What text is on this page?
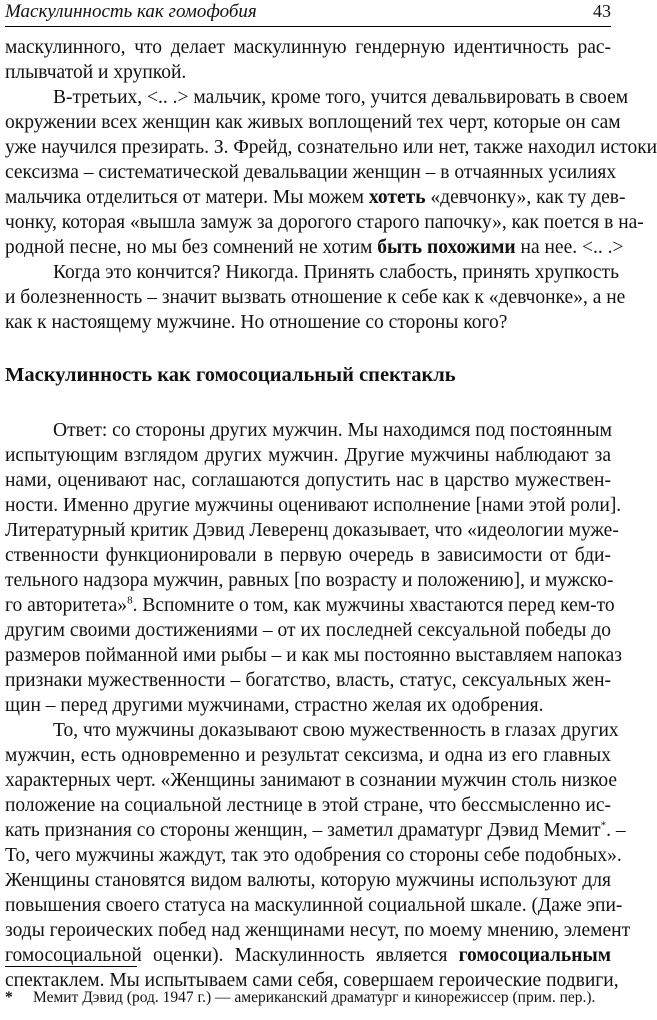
Маскулинность как гомофобия	43
маскулинного, что делает маскулинную гендерную идентичность рас-
плывчатой и хрупкой.
В-третьих, <.. .> мальчик, кроме того, учится девальвировать в своем
окружении всех женщин как живых воплощений тех черт, которые он сам
уже научился презирать. З. Фрейд, сознательно или нет, также находил истоки
сексизма – систематической девальвации женщин – в отчаянных усилиях
мальчика отделиться от матери. Мы можем хотеть «девчонку», как ту дев-
чонку, которая «вышла замуж за дорогого старого папочку», как поется в на-
родной песне, но мы без сомнений не хотим быть похожими на нее. <.. .>
Когда это кончится? Никогда. Принять слабость, принять хрупкость
и болезненность – значит вызвать отношение к себе как к «девчонке», а не
как к настоящему мужчине. Но отношение со стороны кого?
Маскулинность как гомосоциальный спектакль
Ответ: со стороны других мужчин. Мы находимся под постоянным
испытующим взглядом других мужчин. Другие мужчины наблюдают за
нами, оценивают нас, соглашаются допустить нас в царство мужествен-
ности. Именно другие мужчины оценивают исполнение [нами этой роли].
Литературный критик Дэвид Леверенц доказывает, что «идеологии муже-
ственности функционировали в первую очередь в зависимости от бди-
тельного надзора мужчин, равных [по возрасту и положению], и мужско-
го авторитета»$^8$. Вспомните о том, как мужчины хвастаются перед кем-то
другим своими достижениями – от их последней сексуальной победы до
размеров пойманной ими рыбы – и как мы постоянно выставляем напоказ
признаки мужественности – богатство, власть, статус, сексуальных жен-
щин – перед другими мужчинами, страстно желая их одобрения.
То, что мужчины доказывают свою мужественность в глазах других
мужчин, есть одновременно и результат сексизма, и одна из его главных
характерных черт. «Женщины занимают в сознании мужчин столь низкое
положение на социальной лестнице в этой стране, что бессмысленно ис-
кать признания со стороны женщин, – заметил драматург Дэвид Мемит*. –
То, чего мужчины жаждут, так это одобрения со стороны себе подобных».
Женщины становятся видом валюты, которую мужчины используют для
повышения своего статуса на маскулинной социальной шкале. (Даже эпи-
зоды героических побед над женщинами несут, по моему мнению, элемент
гомосоциальной оценки). Маскулинность является гомосоциальным
спектаклем. Мы испытываем сами себя, совершаем героические подвиги,
* Мемит Дэвид (род. 1947 г.) — американский драматург и кинорежиссер (прим. пер.).
